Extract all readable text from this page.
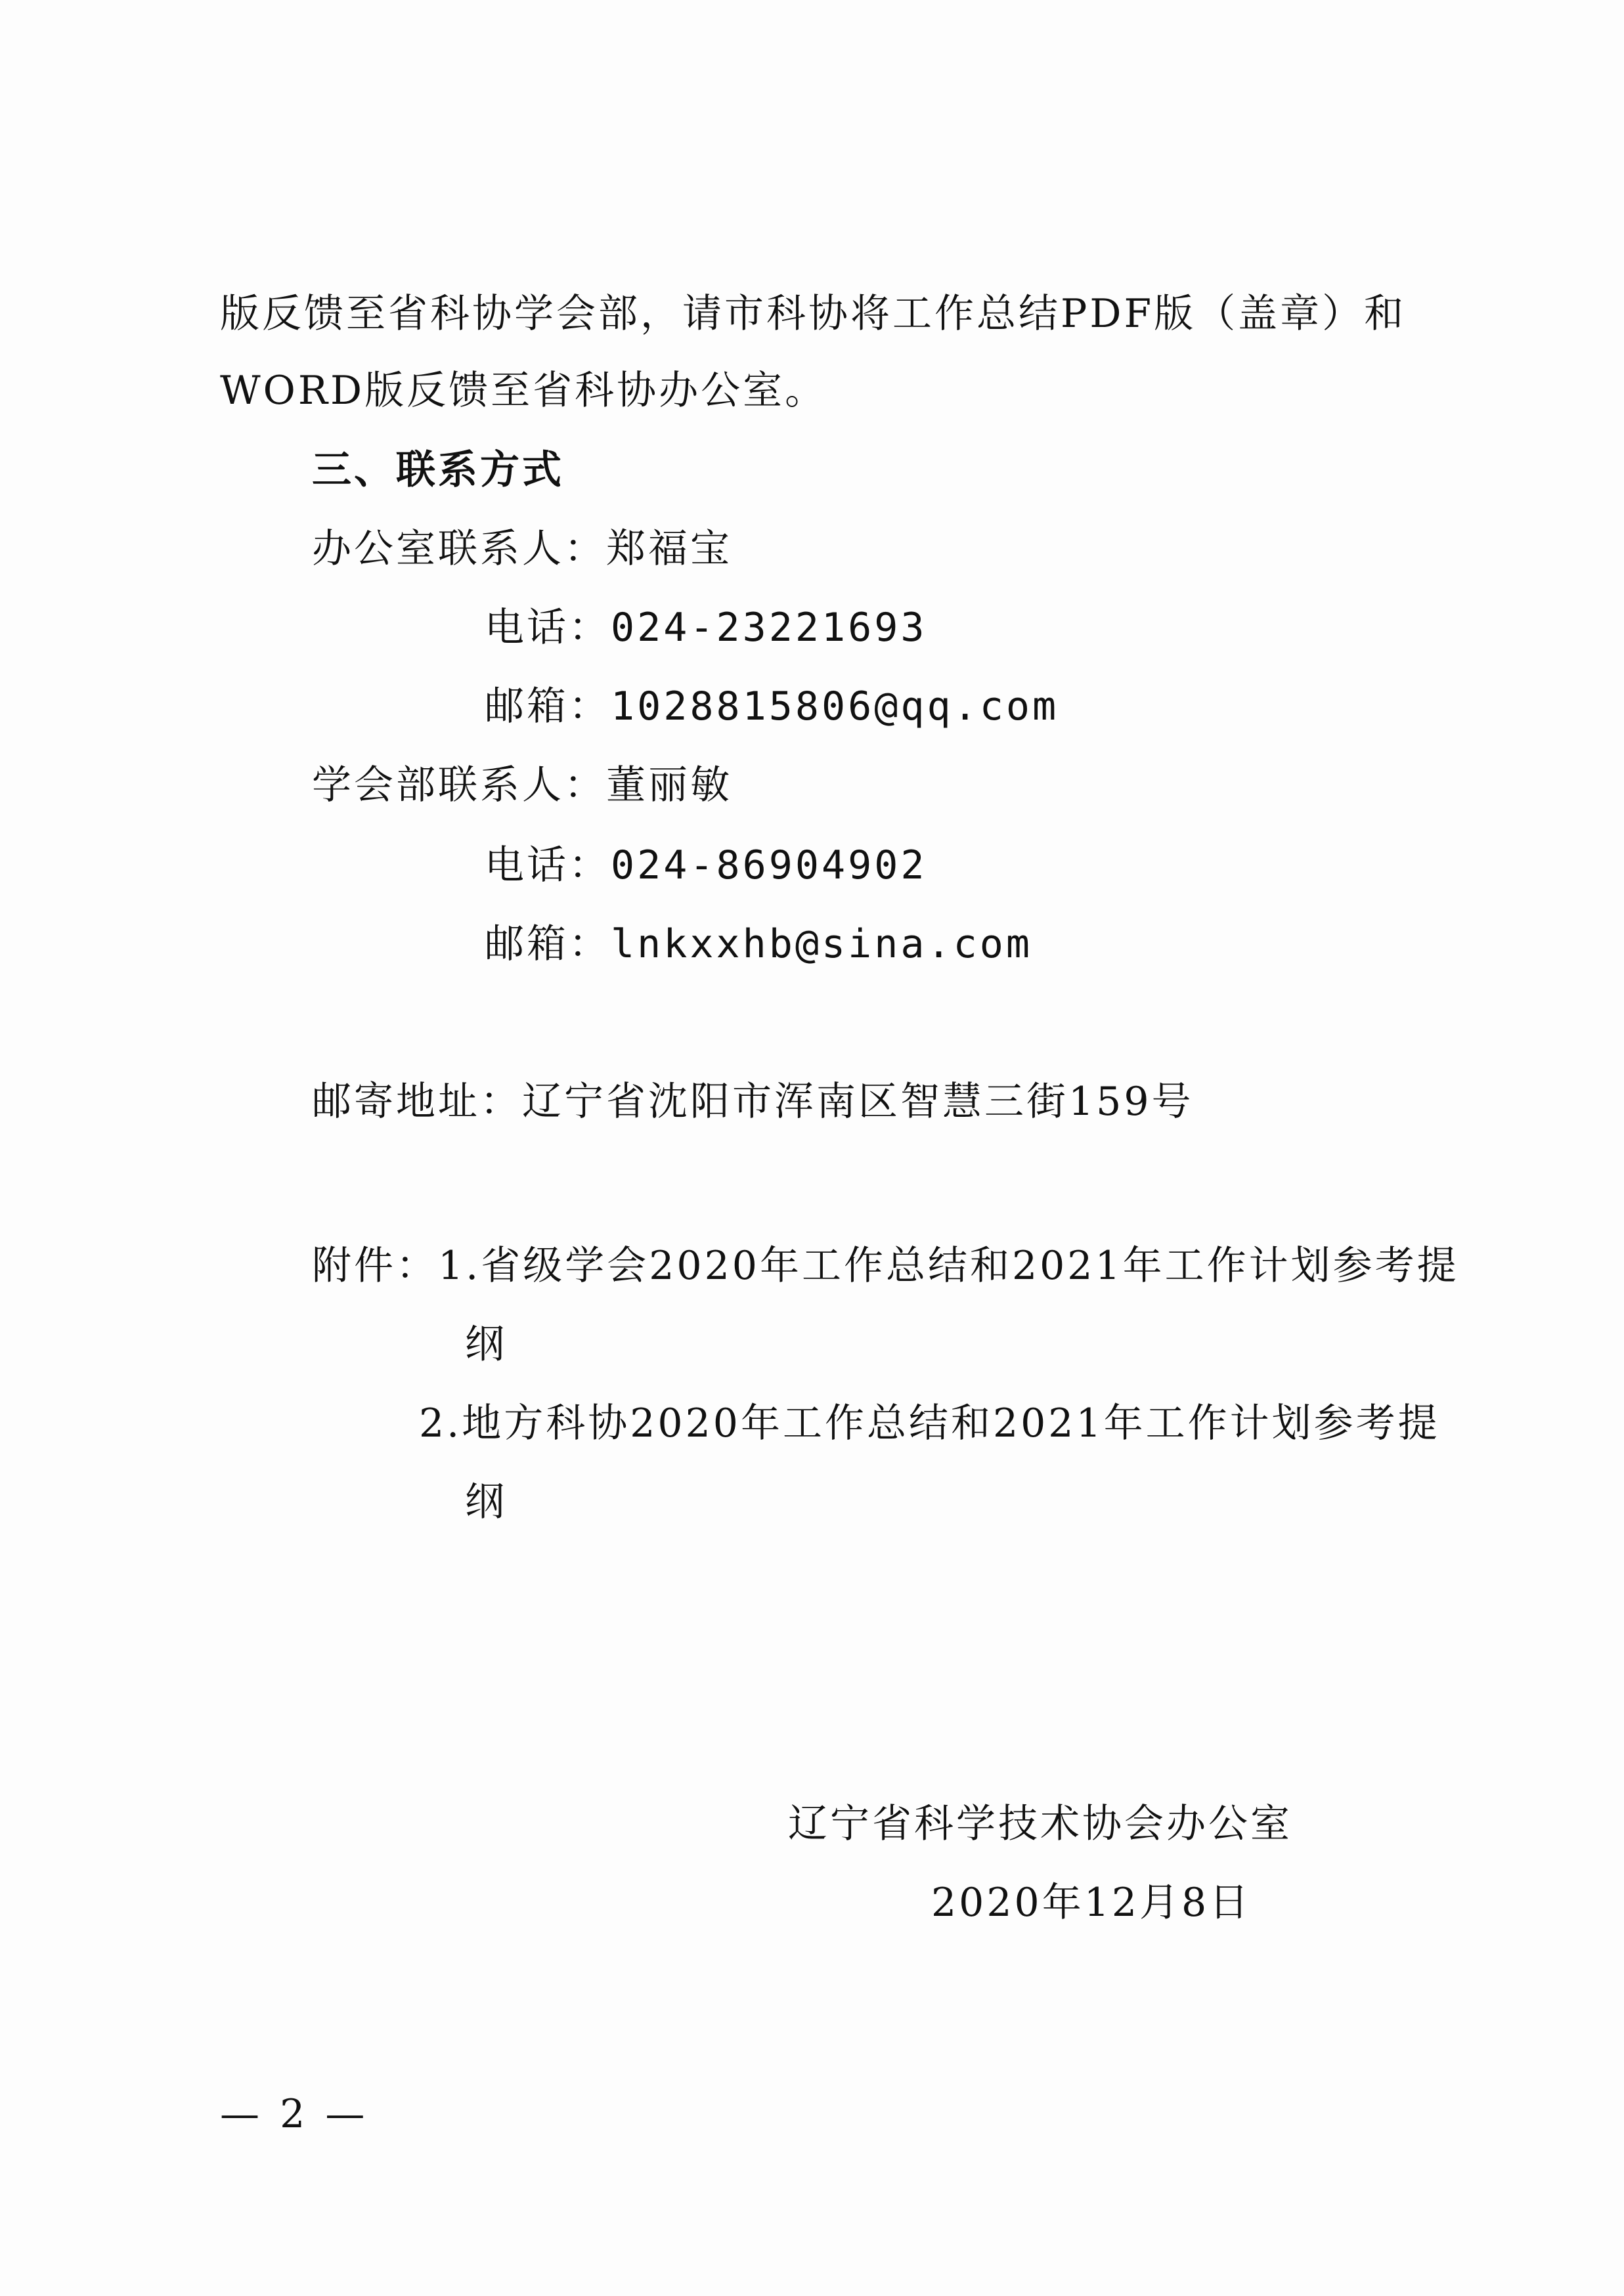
版反馈至省科协学会部，请市科协将工作总结PDF版（盖章）和
WORD版反馈至省科协办公室。
三、联系方式
办公室联系人：郑福宝
电话：024-23221693
邮箱：1028815806@qq.com
学会部联系人：董丽敏
电话：024-86904902
邮箱：lnkxxhb@sina.com
邮寄地址：辽宁省沈阳市浑南区智慧三街159号
附件：1.省级学会2020年工作总结和2021年工作计划参考提
纲
2.地方科协2020年工作总结和2021年工作计划参考提
纲
辽宁省科学技术协会办公室
2020年12月8日
— 2 —
